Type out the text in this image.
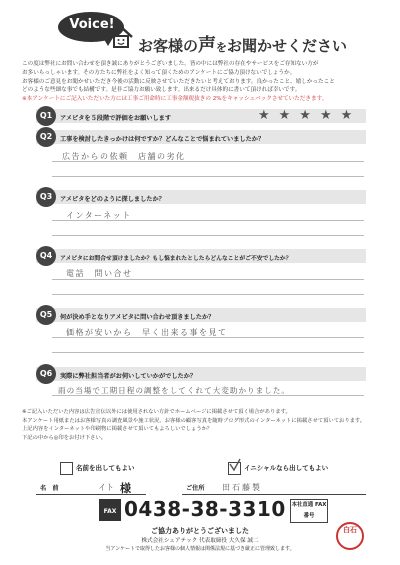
Voice!
お客様の声をお聞かせください
この度は弊社にお問い合わせを頂き誠にありがとうございました。皆の中には弊社の存在やサービスをご存知ない方が
お多いらっしゃいます。その方たちに弊社をよく知って頂くためのアンケートにご協力頂けないでしょうか。
お客様のご意見をお聞かせいただき今後の活動に反映させていただきたいと考えております。良かったこと、嬉しかったこと
どのような些細な事でも結構です。是非ご協力お願い致します。出来るだけ具体的に書いて頂ければ幸いです。
※本アンケートにご記入いただいた方には工事ご用命時に工事金額税抜きの 2%をキャッシュバックさせていただきます。
Q1	アメピタを５段階で評価をお願いします	★★★★★
Q2	工事を検討したきっかけは何ですか？どんなことで悩まれていましたか？
広告からの依頼　店舗の劣化
Q3	アメピタをどのように探しましたか？
インターネット
Q4	アメピタにお問合せ頂けましたか？もし悩まれたとしたらどんなことがご不安でしたか？
電話　問い合せ
Q5	何が決め手となりアメピタに問い合わせ頂きましたか？
価格が安いから　早く出来る事を見て
Q6	実際に弊社担当者がお伺いしていかがでしたか？
雨の当場で工期日程の調整をしてくれて大変助かりました。
※ご記入いただいた内容は広告宣伝以外には使用されない方針でホームページに掲載させて頂く場合があります。
本アンケート用紙またはお客様写真の調査風景や施工状況、お客様の顧客写真を随時ブログ形式のインターネットに掲載させて頂いております。
上記内容をインターネットや印刷物に掲載させて頂いてもよろしいでしょうか？
下記の中から◎印をお付け下さい。
名前を出してもよい	イニシャルなら出してもよい
名　前	イト 様	ご住所 田石藤製
FAX 0438-38-3310 本社直通 FAX番号
ご協力ありがとうございました
株式会社シェアテック 代表取締役 大久保 誠二
当アンケートで取得したお客様の個人情報は関係法規に基づき厳正に管理致します。
白石
